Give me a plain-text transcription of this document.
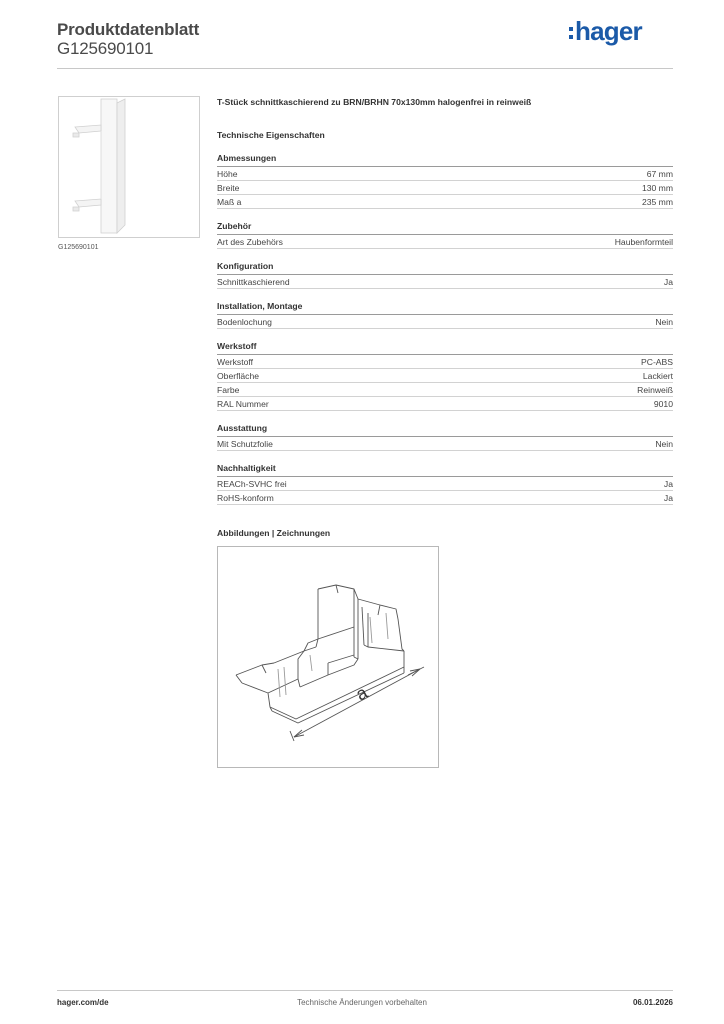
Produktdatenblatt
G125690101
hager
G125690101
T-Stück schnittkaschierend zu BRN/BRHN 70x130mm halogenfrei in reinweiß
Technische Eigenschaften
Abmessungen
Höhe	67 mm
Breite	130 mm
Maß a	235 mm
Zubehör
Art des Zubehörs	Haubenformteil
Konfiguration
Schnittkaschierend	Ja
Installation, Montage
Bodenlochung	Nein
Werkstoff
Werkstoff	PC-ABS
Oberfläche	Lackiert
Farbe	Reinweiß
RAL Nummer	9010
Ausstattung
Mit Schutzfolie	Nein
Nachhaltigkeit
REACh-SVHC frei	Ja
RoHS-konform	Ja
Abbildungen | Zeichnungen
a
hager.com/de	Technische Änderungen vorbehalten	06.01.2026
